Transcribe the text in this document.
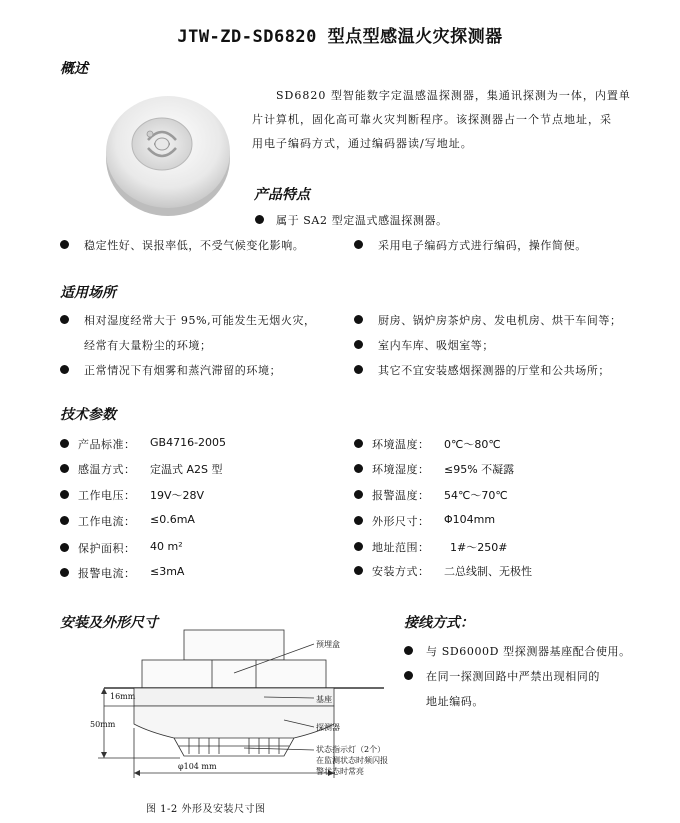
JTW-ZD-SD6820 型点型感温火灾探测器
概述
SD6820 型智能数字定温感温探测器，集通讯探测为一体，内置单
片计算机，固化高可靠火灾判断程序。该探测器占一个节点地址，采
用电子编码方式，通过编码器读/写地址。
产品特点
属于 SA2 型定温式感温探测器。
稳定性好、误报率低，不受气候变化影响。	采用电子编码方式进行编码，操作简便。
适用场所
相对湿度经常大于 95%,可能发生无烟火灾，
经常有大量粉尘的环境；
正常情况下有烟雾和蒸汽滞留的环境；
厨房、锅炉房茶炉房、发电机房、烘干车间等；
室内车库、吸烟室等；
其它不宜安装感烟探测器的厅堂和公共场所；
技术参数
产品标准： GB4716-2005
感温方式： 定温式 A2S 型
工作电压： 19V～28V
工作电流： ≤0.6mA
保护面积： 40 m²
报警电流： ≤3mA
环境温度： 0℃～80℃
环境湿度： ≤95% 不凝露
报警温度： 54℃～70℃
外形尺寸： Φ104mm
地址范围： 1#～250#
安装方式： 二总线制、无极性
安装及外形尺寸
预埋盒
基座
探测器
16mm
50mm
φ104 mm
状态指示灯（2个）
在监测状态时频闪报
警状态时常亮
图 1-2 外形及安装尺寸图
接线方式：
与 SD6000D 型探测器基座配合使用。
在同一探测回路中严禁出现相同的
地址编码。
